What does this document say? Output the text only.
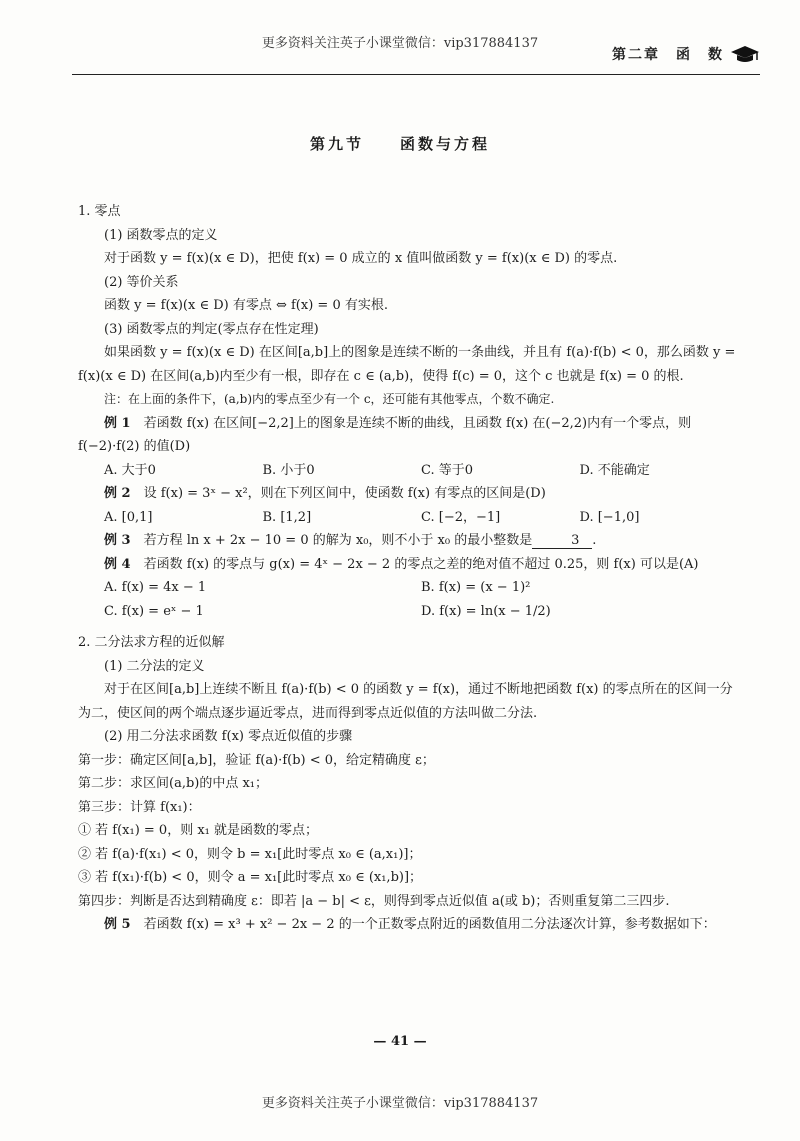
更多资料关注英子小课堂微信：vip317884137
第二章　函　数
第九节　　函数与方程

1. 零点

(1) 函数零点的定义

对于函数 y = f(x)(x ∈ D)，把使 f(x) = 0 成立的 x 值叫做函数 y = f(x)(x ∈ D) 的零点.

(2) 等价关系

函数 y = f(x)(x ∈ D) 有零点 ⇔ f(x) = 0 有实根.

(3) 函数零点的判定(零点存在性定理)

如果函数 y = f(x)(x ∈ D) 在区间[a,b]上的图象是连续不断的一条曲线，并且有 f(a)·f(b) < 0，那么函数 y = f(x)(x ∈ D) 在区间(a,b)内至少有一根，即存在 c ∈ (a,b)，使得 f(c) = 0，这个 c 也就是 f(x) = 0 的根.

注：在上面的条件下，(a,b)内的零点至少有一个 c，还可能有其他零点，个数不确定.

例 1　 若函数 f(x) 在区间[−2,2]上的图象是连续不断的曲线，且函数 f(x) 在(−2,2)内有一个零点，则 f(−2)·f(2) 的值(D)

A. 大于0	B. 小于0	C. 等于0	D. 不能确定

例 2　 设 f(x) = 3ˣ − x²，则在下列区间中，使函数 f(x) 有零点的区间是(D)

A. [0,1]	B. [1,2]	C. [−2，−1]	D. [−1,0]

例 3　 若方程 ln x + 2x − 10 = 0 的解为 x₀，则不小于 x₀ 的最小整数是	3 .

例 4　 若函数 f(x) 的零点与 g(x) = 4ˣ − 2x − 2 的零点之差的绝对值不超过 0.25，则 f(x) 可以是(A)

A. f(x) = 4x − 1	B. f(x) = (x − 1)²
C. f(x) = eˣ − 1	D. f(x) = ln(x − 1/2)

2. 二分法求方程的近似解

(1) 二分法的定义

对于在区间[a,b]上连续不断且 f(a)·f(b) < 0 的函数 y = f(x)，通过不断地把函数 f(x) 的零点所在的区间一分为二，使区间的两个端点逐步逼近零点，进而得到零点近似值的方法叫做二分法.

(2) 用二分法求函数 f(x) 零点近似值的步骤

第一步：确定区间[a,b]，验证 f(a)·f(b) < 0，给定精确度 ε；

第二步：求区间(a,b)的中点 x₁；

第三步：计算 f(x₁)：

① 若 f(x₁) = 0，则 x₁ 就是函数的零点；

② 若 f(a)·f(x₁) < 0，则令 b = x₁[此时零点 x₀ ∈ (a,x₁)]；

③ 若 f(x₁)·f(b) < 0，则令 a = x₁[此时零点 x₀ ∈ (x₁,b)]；

第四步：判断是否达到精确度 ε：即若 |a − b| < ε，则得到零点近似值 a(或 b)；否则重复第二三四步.

例 5　 若函数 f(x) = x³ + x² − 2x − 2 的一个正数零点附近的函数值用二分法逐次计算，参考数据如下：

— 41 —
更多资料关注英子小课堂微信：vip317884137
